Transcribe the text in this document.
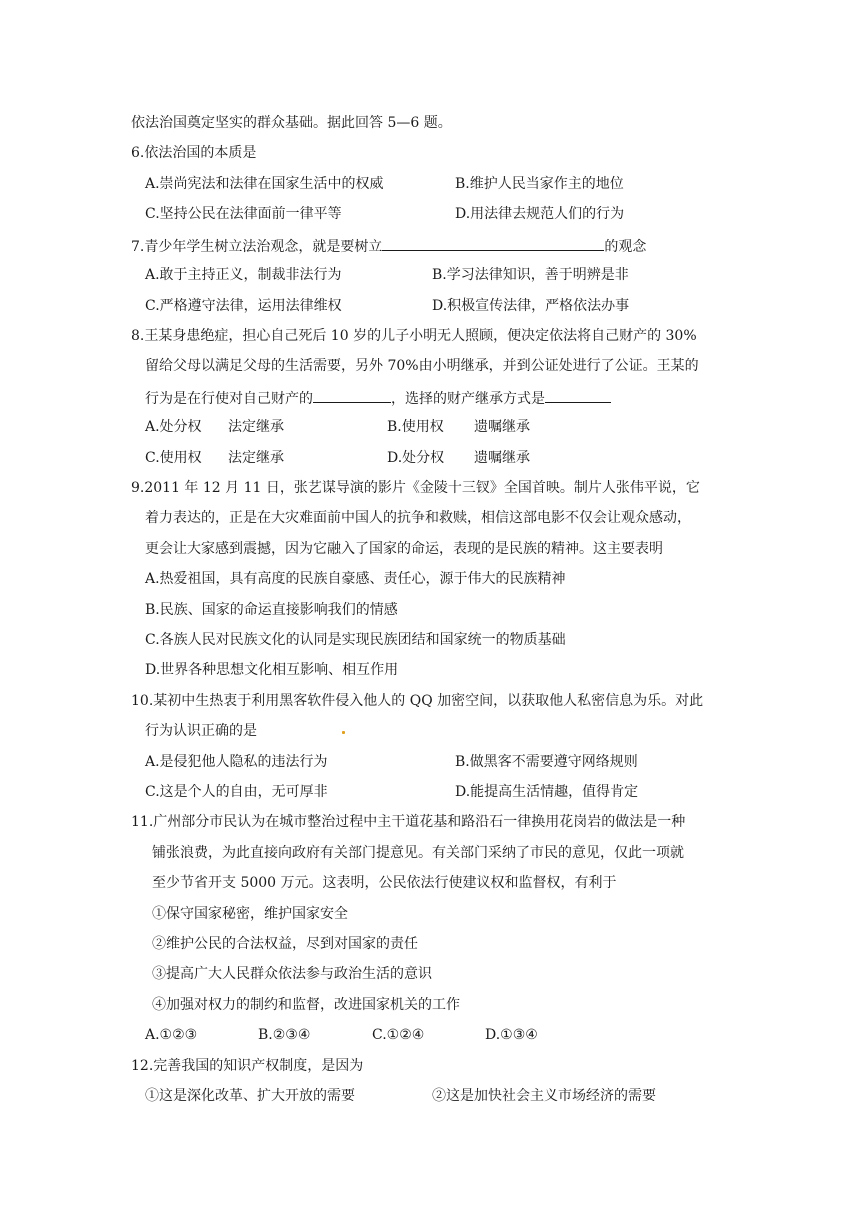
依法治国奠定坚实的群众基础。据此回答 5—6 题。
6.依法治国的本质是
A.崇尚宪法和法律在国家生活中的权威	B.维护人民当家作主的地位
C.坚持公民在法律面前一律平等	D.用法律去规范人们的行为
7.青少年学生树立法治观念，就是要树立	的观念
A.敢于主持正义，制裁非法行为	B.学习法律知识，善于明辨是非
C.严格遵守法律，运用法律维权	D.积极宣传法律，严格依法办事
8.王某身患绝症，担心自己死后 10 岁的儿子小明无人照顾，便决定依法将自己财产的 30%
留给父母以满足父母的生活需要，另外 70%由小明继承，并到公证处进行了公证。王某的
行为是在行使对自己财产的	，选择的财产继承方式是
A.处分权 法定继承	B.使用权 遗嘱继承
C.使用权 法定继承	D.处分权 遗嘱继承
9.2011 年 12 月 11 日，张艺谋导演的影片《金陵十三钗》全国首映。制片人张伟平说，它
着力表达的，正是在大灾难面前中国人的抗争和救赎，相信这部电影不仅会让观众感动，
更会让大家感到震撼，因为它融入了国家的命运，表现的是民族的精神。这主要表明
A.热爱祖国，具有高度的民族自豪感、责任心，源于伟大的民族精神
B.民族、国家的命运直接影响我们的情感
C.各族人民对民族文化的认同是实现民族团结和国家统一的物质基础
D.世界各种思想文化相互影响、相互作用
10.某初中生热衷于利用黑客软件侵入他人的 QQ 加密空间，以获取他人私密信息为乐。对此
行为认识正确的是
A.是侵犯他人隐私的违法行为	B.做黑客不需要遵守网络规则
C.这是个人的自由，无可厚非	D.能提高生活情趣，值得肯定
11.广州部分市民认为在城市整治过程中主干道花基和路沿石一律换用花岗岩的做法是一种
铺张浪费，为此直接向政府有关部门提意见。有关部门采纳了市民的意见，仅此一项就
至少节省开支 5000 万元。这表明，公民依法行使建议权和监督权，有利于
①保守国家秘密，维护国家安全
②维护公民的合法权益，尽到对国家的责任
③提高广大人民群众依法参与政治生活的意识
④加强对权力的制约和监督，改进国家机关的工作
A.①②③	B.②③④	C.①②④	D.①③④
12.完善我国的知识产权制度，是因为
①这是深化改革、扩大开放的需要	②这是加快社会主义市场经济的需要
